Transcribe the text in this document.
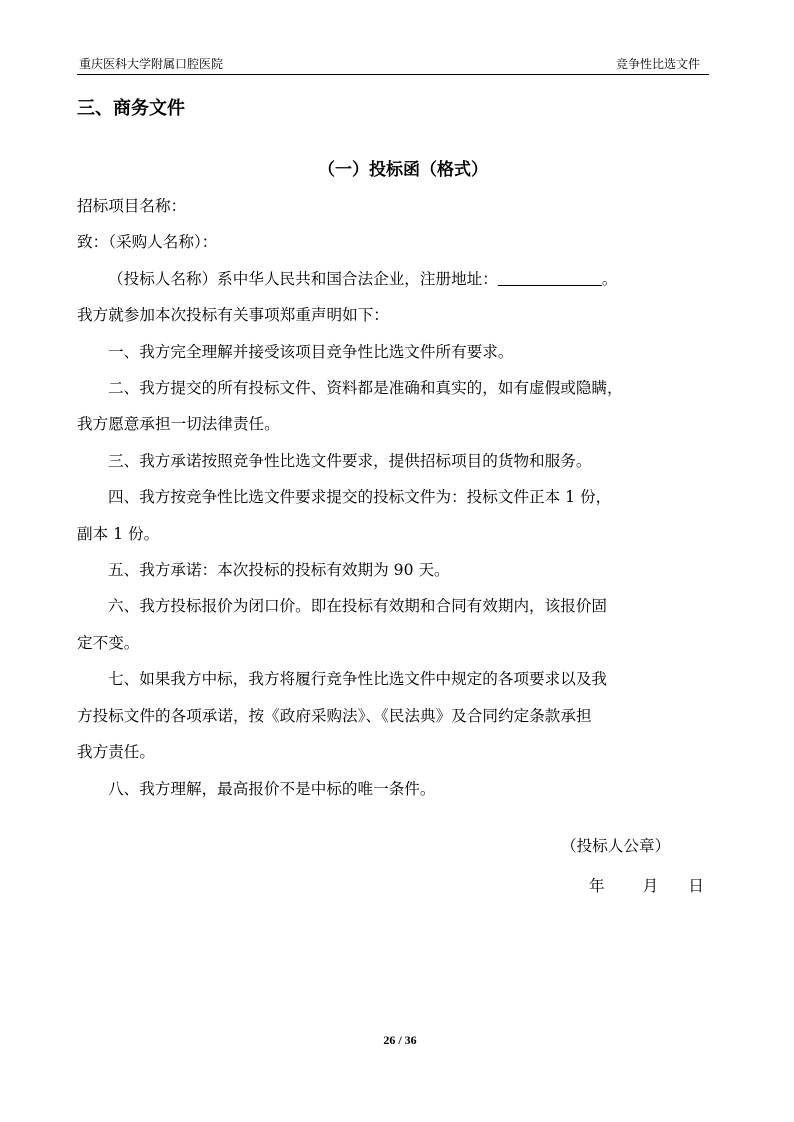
重庆医科大学附属口腔医院	竞争性比选文件
三、商务文件
（一）投标函（格式）

招标项目名称：

致：（采购人名称）：

（投标人名称）系中华人民共和国合法企业，注册地址：	。

我方就参加本次投标有关事项郑重声明如下：

一、我方完全理解并接受该项目竞争性比选文件所有要求。

二、我方提交的所有投标文件、资料都是准确和真实的，如有虚假或隐瞒，

我方愿意承担一切法律责任。

三、我方承诺按照竞争性比选文件要求，提供招标项目的货物和服务。

四、我方按竞争性比选文件要求提交的投标文件为：投标文件正本 1 份，

副本 1 份。

五、我方承诺：本次投标的投标有效期为 90 天。

六、我方投标报价为闭口价。即在投标有效期和合同有效期内，该报价固

定不变。

七、如果我方中标，我方将履行竞争性比选文件中规定的各项要求以及我

方投标文件的各项承诺，按《政府采购法》、《民法典》及合同约定条款承担

我方责任。

八、我方理解，最高报价不是中标的唯一条件。

（投标人公章）
年 月 日
26 / 36
